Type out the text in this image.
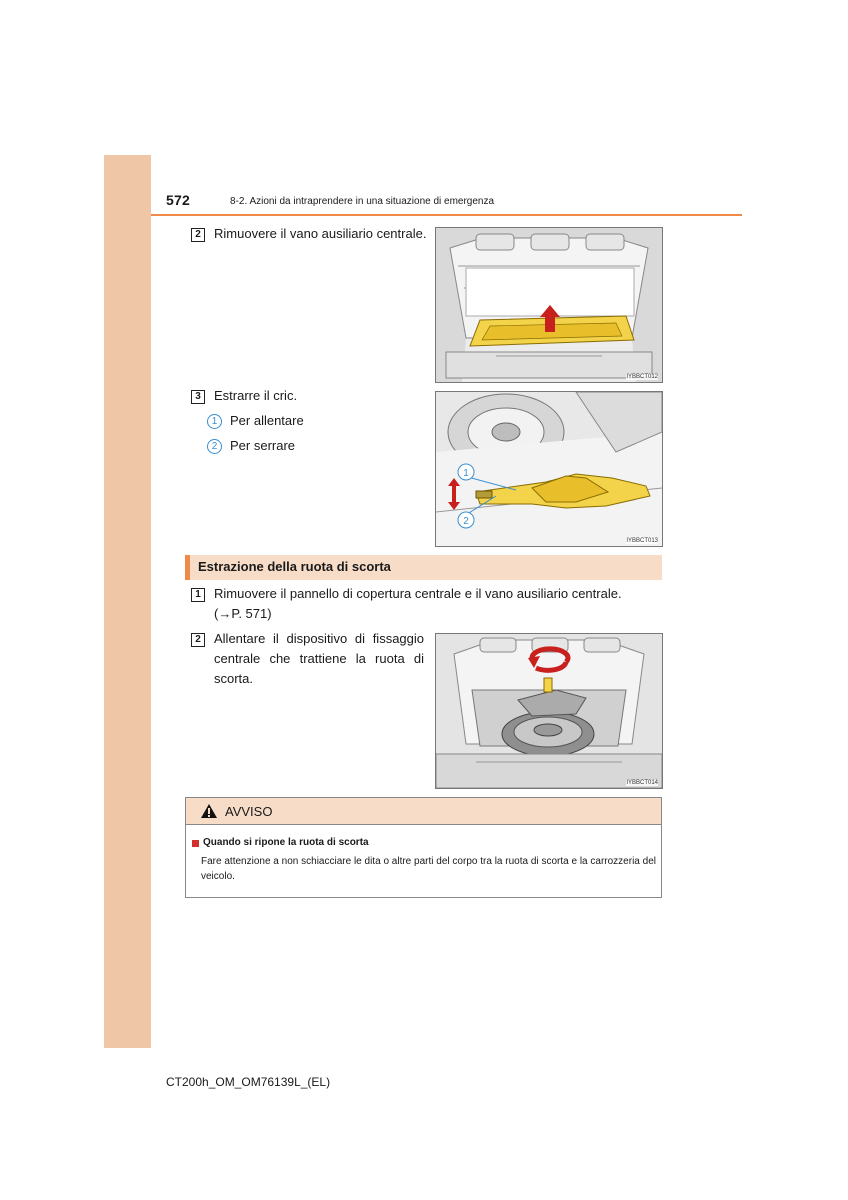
572	8-2. Azioni da intraprendere in una situazione di emergenza
2	Rimuovere il vano ausiliario centrale.
IYBBCT012
3	Estrarre il cric.
1 Per allentare
2 Per serrare
1
2
IYBBCT013
Estrazione della ruota di scorta
1	Rimuovere il pannello di copertura centrale e il vano ausiliario centrale.
(→P. 571)
2	Allentare il dispositivo di fissaggio
centrale che trattiene la ruota di
scorta.
IYBBCT014
AVVISO
Quando si ripone la ruota di scorta
Fare attenzione a non schiacciare le dita o altre parti del corpo tra la ruota di scorta e la carrozzeria del veicolo.
CT200h_OM_OM76139L_(EL)
